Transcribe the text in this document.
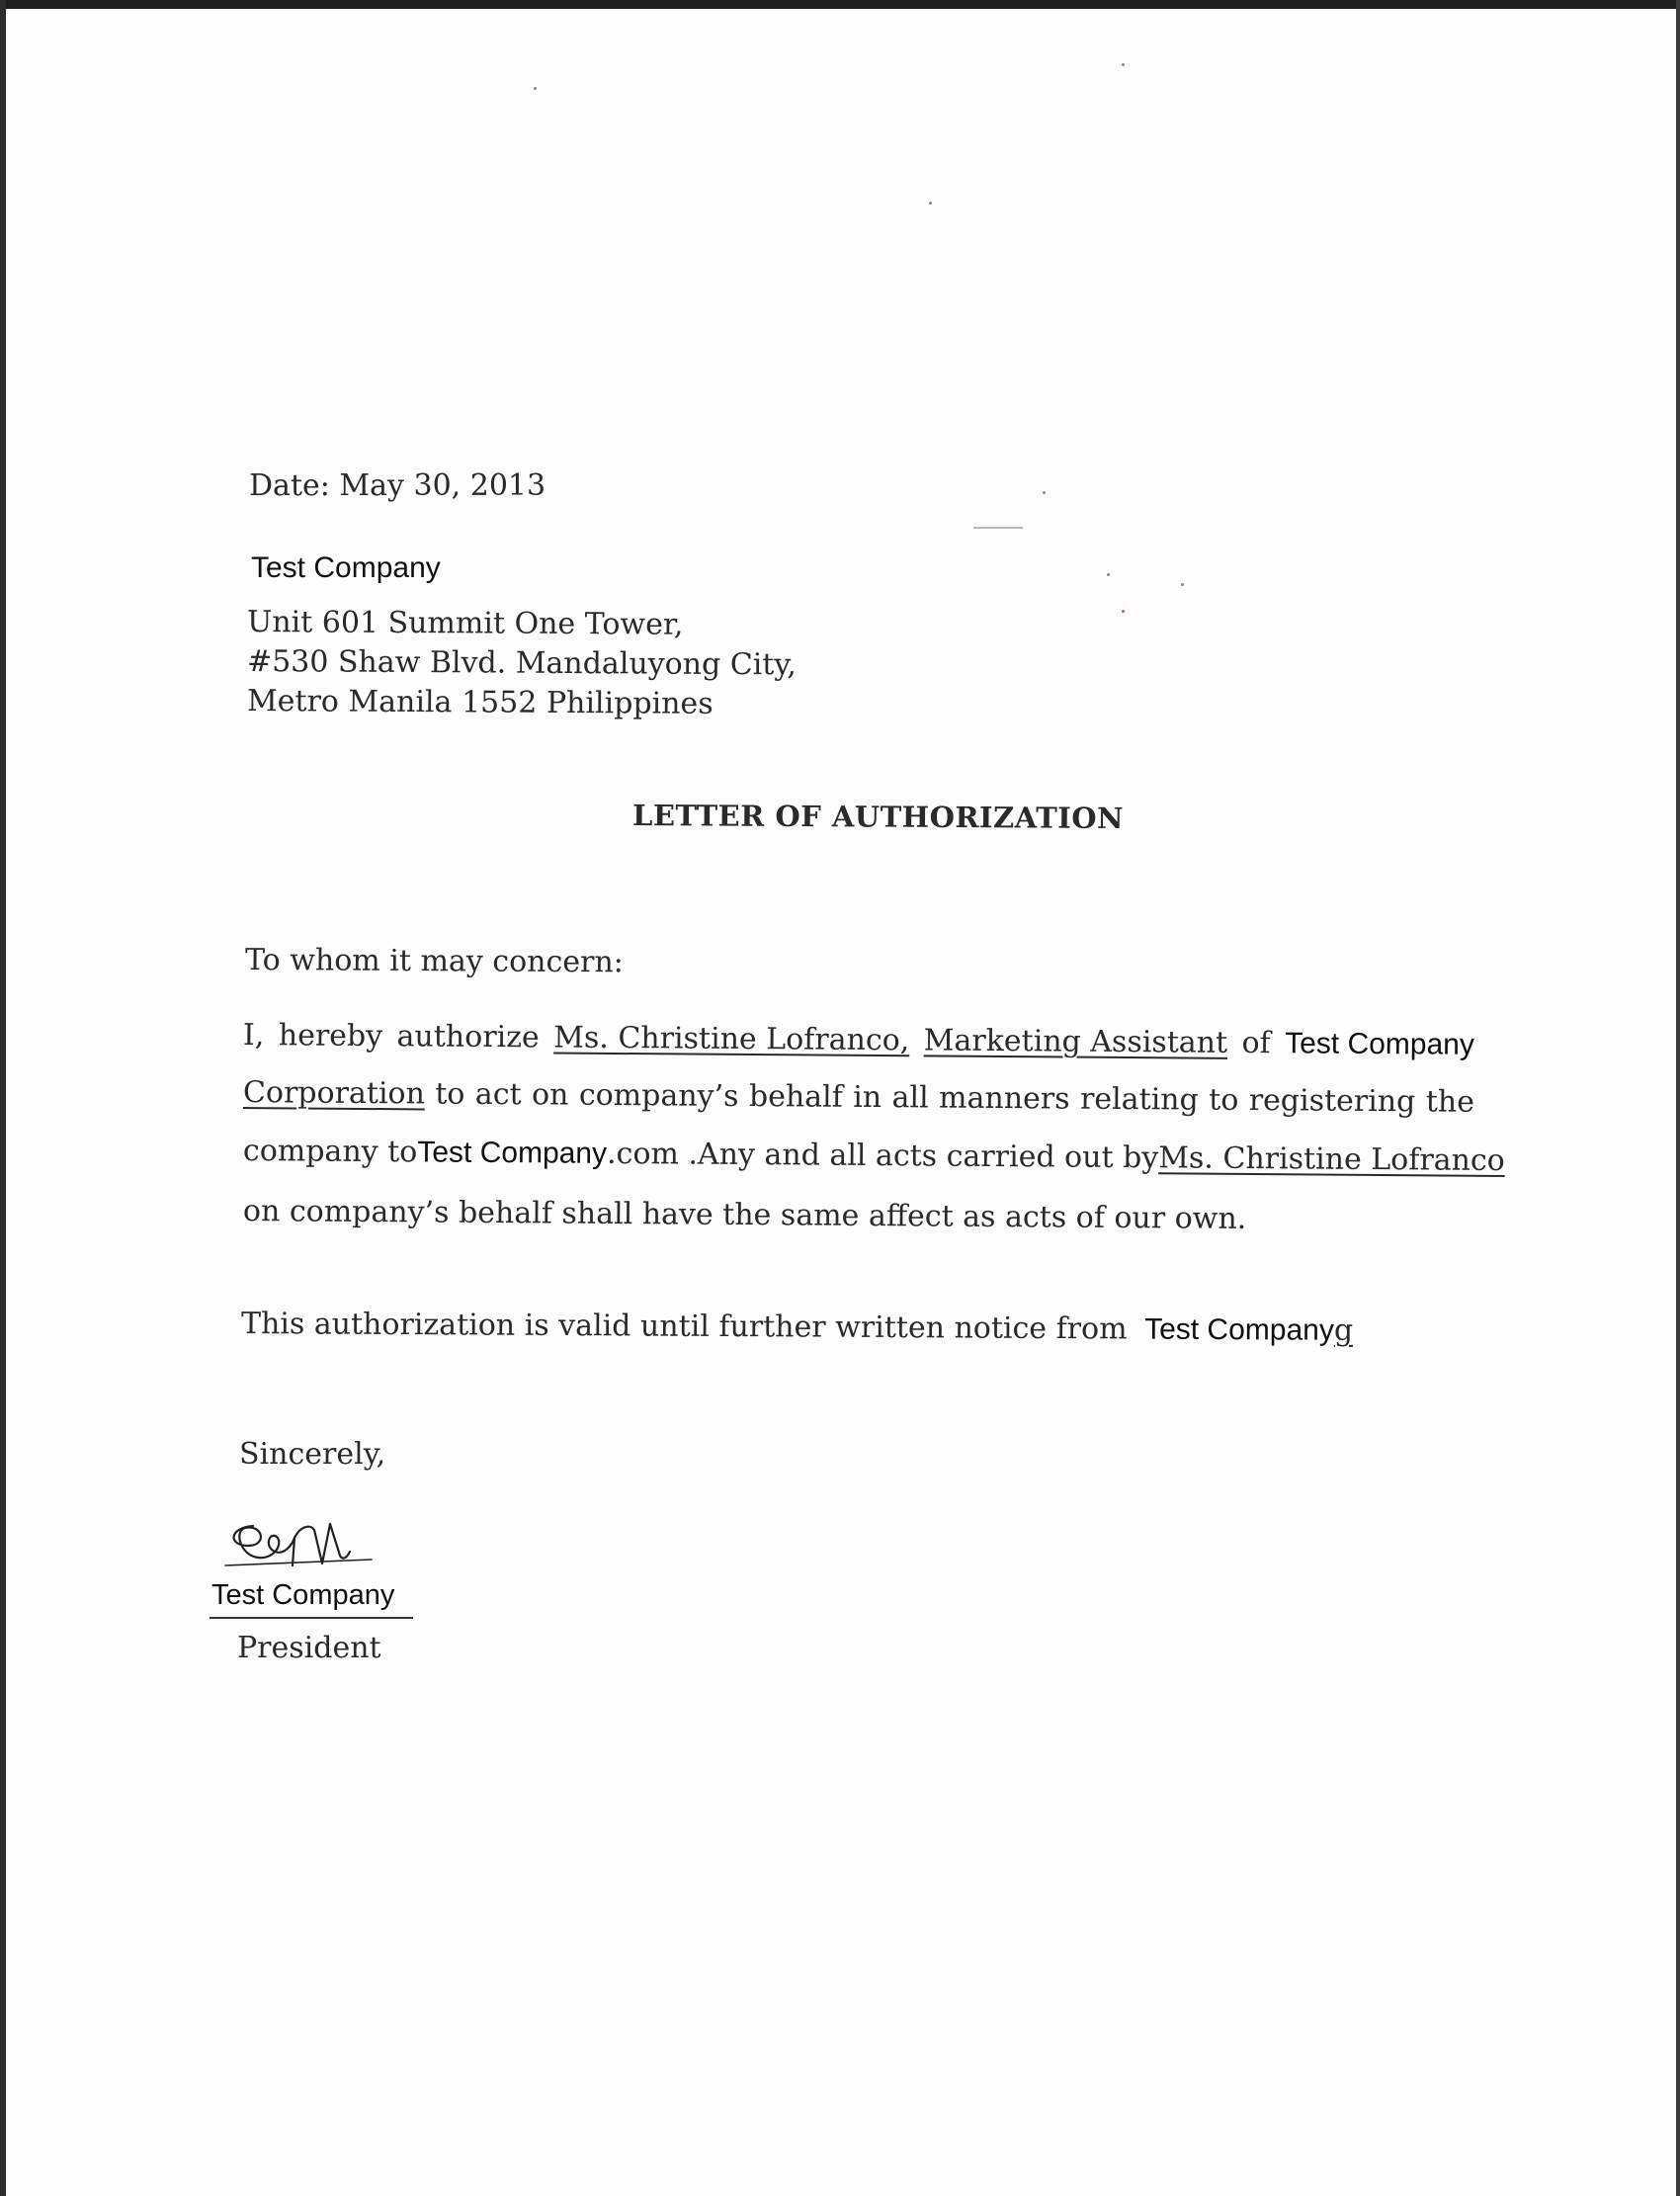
Date: May 30, 2013
Test Company
Unit 601 Summit One Tower,
#530 Shaw Blvd. Mandaluyong City,
Metro Manila 1552 Philippines
LETTER OF AUTHORIZATION
To whom it may concern:
I, hereby authorize Ms. Christine Lofranco, Marketing Assistant of Test Company
Corporation to act on company’s behalf in all manners relating to registering the
company to Test Company .com . Any and all acts carried out by Ms. Christine Lofranco
on company’s behalf shall have the same affect as acts of our own.
This authorization is valid until further written notice from Test Companyg
Sincerely,
Test Company
President
